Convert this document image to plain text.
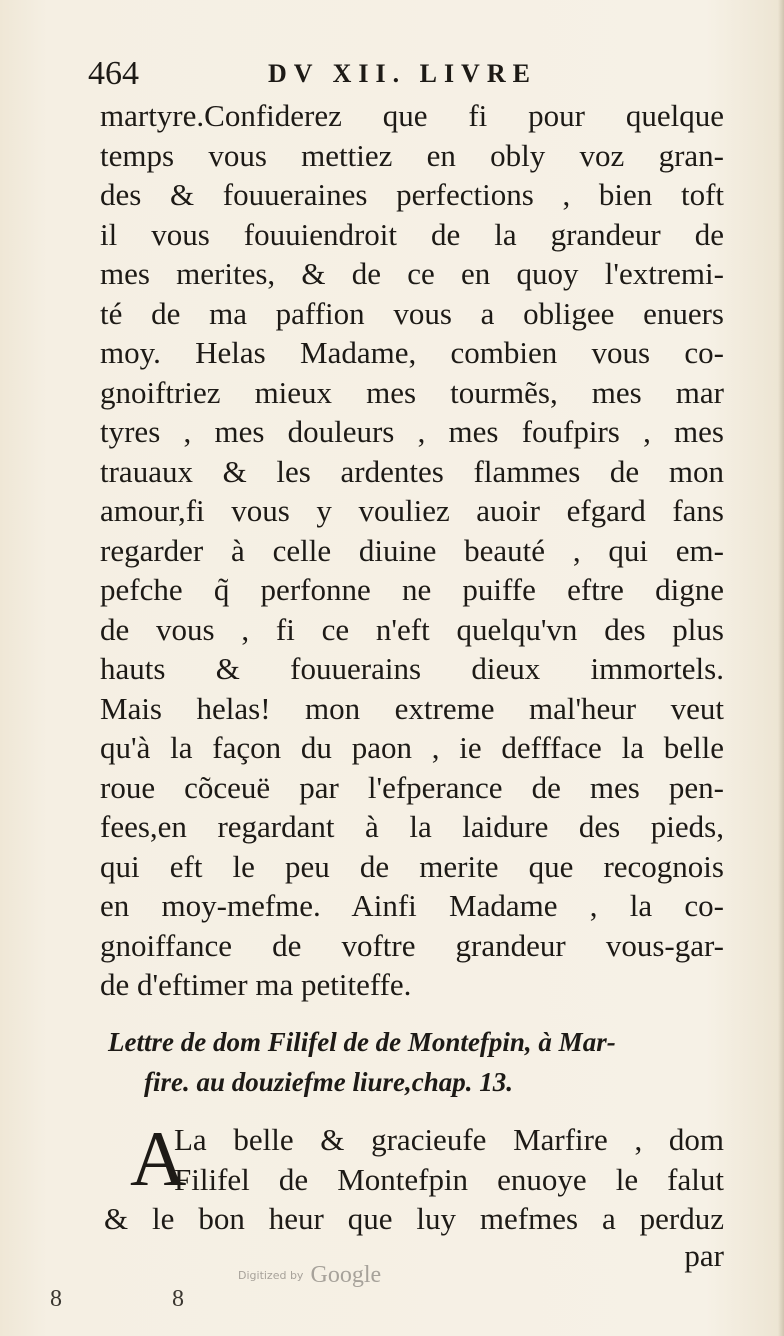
464	DV XII. LIVRE
martyre.Confiderez que fi pour quelque
temps vous mettiez en obly voz gran-
des & fouueraines perfections , bien toft
il vous fouuiendroit de la grandeur de
mes merites, & de ce en quoy l'extremi-
té de ma paffion vous a obligee enuers
moy. Helas Madame, combien vous co-
gnoiftriez mieux mes tourmẽs, mes mar
tyres , mes douleurs , mes foufpirs , mes
trauaux & les ardentes flammes de mon
amour,fi vous y vouliez auoir efgard fans
regarder à celle diuine beauté , qui em-
pefche q̃ perfonne ne puiffe eftre digne
de vous , fi ce n'eft quelqu'vn des plus
hauts & fouuerains dieux immortels.
Mais helas! mon extreme mal'heur veut
qu'à la façon du paon , ie deffface la belle
roue cõceuë par l'efperance de mes pen-
fees,en regardant à la laidure des pieds,
qui eft le peu de merite que recognois
en moy-mefme. Ainfi Madame , la co-
gnoiffance de voftre grandeur vous-gar-
de d'eftimer ma petiteffe.
Lettre de dom Filifel de de Montefpin, à Mar-
fire. au douziefme liure,chap. 13.
A
La belle & gracieufe Marfire , dom
Filifel de Montefpin enuoye le falut
& le bon heur que luy mefmes a perduz
par
Digitized by Google
8	8
